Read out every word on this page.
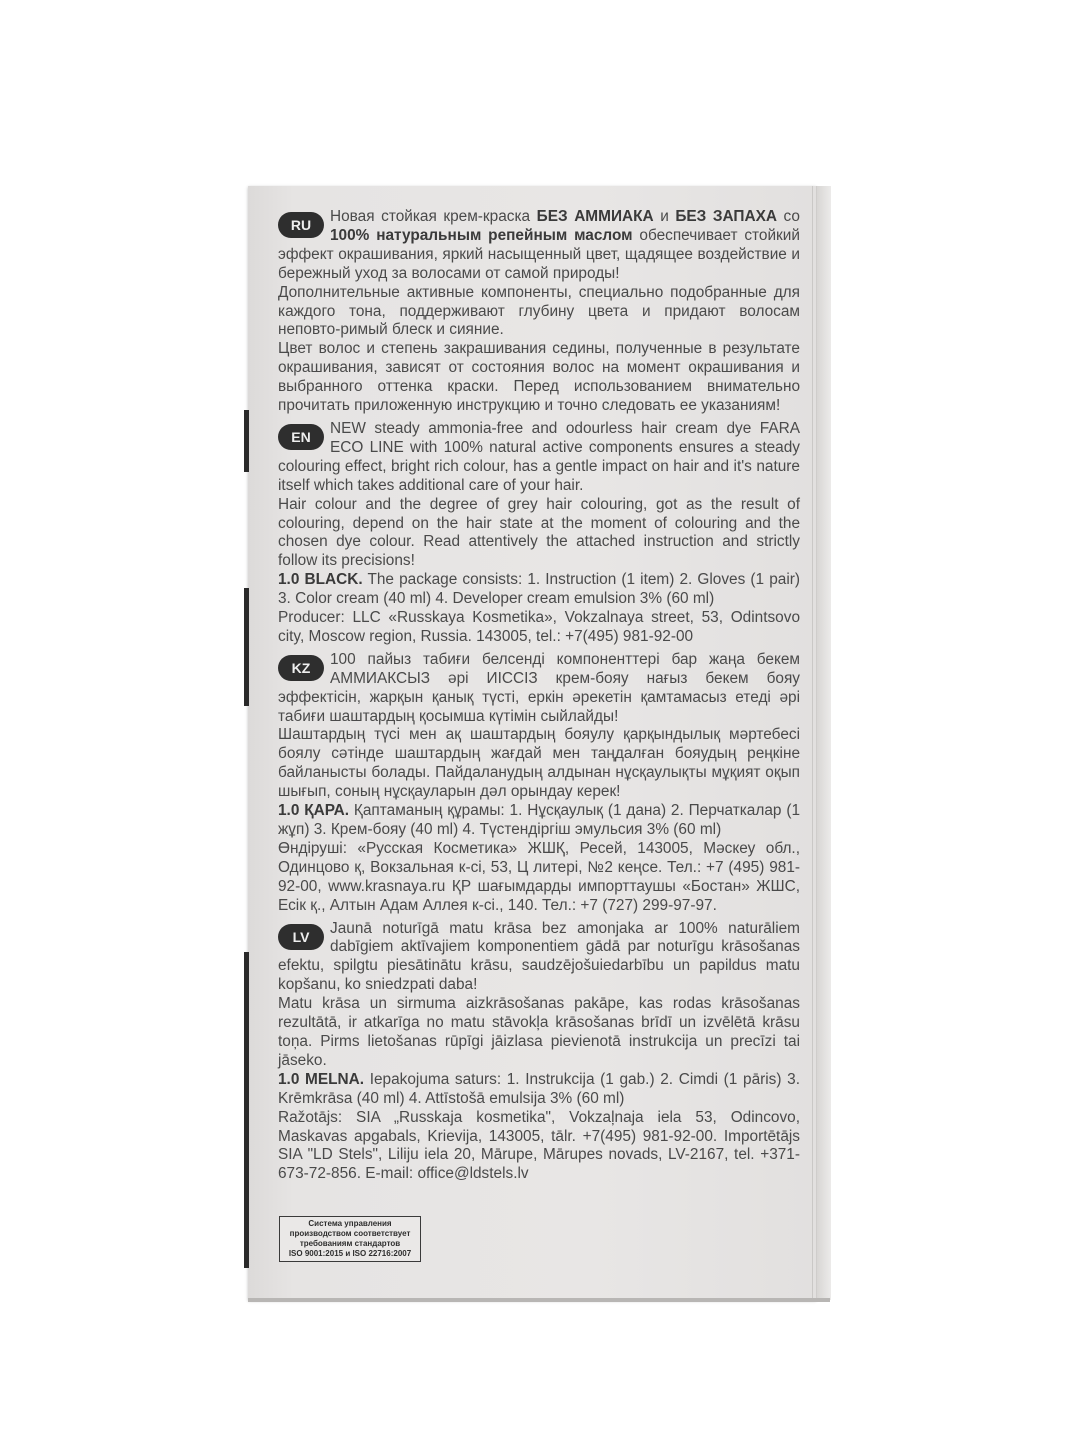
RU	Новая стойкая крем-краска БЕЗ АММИАКА и БЕЗ ЗАПАХА со 100% натуральным репейным маслом обеспечивает стойкий эффект окрашивания, яркий насыщенный цвет, щадящее воздействие и бережный уход за волосами от самой природы!

Дополнительные активные компоненты, специально подобранные для каждого тона, поддерживают глубину цвета и придают волосам неповто-римый блеск и сияние.

Цвет волос и степень закрашивания седины, полученные в результате окрашивания, зависят от состояния волос на момент окрашивания и выбранного оттенка краски. Перед использованием внимательно прочитать приложенную инструкцию и точно следовать ее указаниям!

EN	NEW steady ammonia-free and odourless hair cream dye FARA ECO LINE with 100% natural active components ensures a steady colouring effect, bright rich colour, has a gentle impact on hair and it's nature itself which takes additional care of your hair.

Hair colour and the degree of grey hair colouring, got as the result of colouring, depend on the hair state at the moment of colouring and the chosen dye colour. Read attentively the attached instruction and strictly follow its precisions!

1.0 BLACK. The package consists: 1. Instruction (1 item) 2. Gloves (1 pair) 3. Color cream (40 ml) 4. Developer cream emulsion 3% (60 ml)

Producer: LLC «Russkaya Kosmetika», Vokzalnaya street, 53, Odintsovo city, Moscow region, Russia. 143005, tel.: +7(495) 981-92-00

KZ	100 пайыз табиғи белсенді компоненттері бар жаңа бекем АММИАКСЫЗ әрі ИІССІЗ крем-бояу нағыз бекем бояу эффектісін, жарқын қанық түсті, еркін әрекетін қамтамасыз етеді әрі табиғи шаштардың қосымша күтімін сыйлайды!

Шаштардың түсі мен ақ шаштардың бояулу қарқындылық мәртебесі боялу сәтінде шаштардың жағдай мен таңдалған бояудың реңкіне байланысты болады. Пайдаланудың алдынан нұсқаулықты мұқият оқып шығып, соның нұсқауларын дәл орындау керек!

1.0 ҚАРА. Қаптаманың құрамы: 1. Нұсқаулық (1 дана) 2. Перчаткалар (1 жұп) 3. Крем-бояу (40 ml) 4. Түстендіргіш эмульсия 3% (60 ml)

Өндіруші: «Русская Косметика» ЖШҚ, Ресей, 143005, Мәскеу обл., Одинцово қ, Вокзальная к-сі, 53, Ц литері, №2 кеңсе. Тел.: +7 (495) 981-92-00, www.krasnaya.ru ҚР шағымдарды импорттаушы «Бостан» ЖШС, Есік қ., Алтын Адам Аллея к-сі., 140. Тел.: +7 (727) 299-97-97.

LV	Jaunā noturīgā matu krāsa bez amonjaka ar 100% naturāliem dabīgiem aktīvajiem komponentiem gādā par noturīgu krāsošanas efektu, spilgtu piesātinātu krāsu, saudzējošuiedarbību un papildus matu kopšanu, ko sniedzpati daba!

Matu krāsa un sirmuma aizkrāsošanas pakāpe, kas rodas krāsošanas rezultātā, ir atkarīga no matu stāvokļa krāsošanas brīdī un izvēlētā krāsu toņa. Pirms lietošanas rūpīgi jāizlasa pievienotā instrukcija un precīzi tai jāseko.

1.0 MELNA. Iepakojuma saturs: 1. Instrukcija (1 gab.) 2. Cimdi (1 pāris) 3. Krēmkrāsa (40 ml) 4. Attīstošā emulsija 3% (60 ml)

Ražotājs: SIA „Russkaja kosmetika", Vokzaļnaja iela 53, Odincovo, Maskavas apgabals, Krievija, 143005, tālr. +7(495) 981-92-00. Importētājs SIA "LD Stels", Liliju iela 20, Mārupe, Mārupes novads, LV-2167, tel. +371-673-72-856. E-mail: office@ldstels.lv

Система управления
производством соответствует
требованиям стандартов
ISO 9001:2015 и ISO 22716:2007
